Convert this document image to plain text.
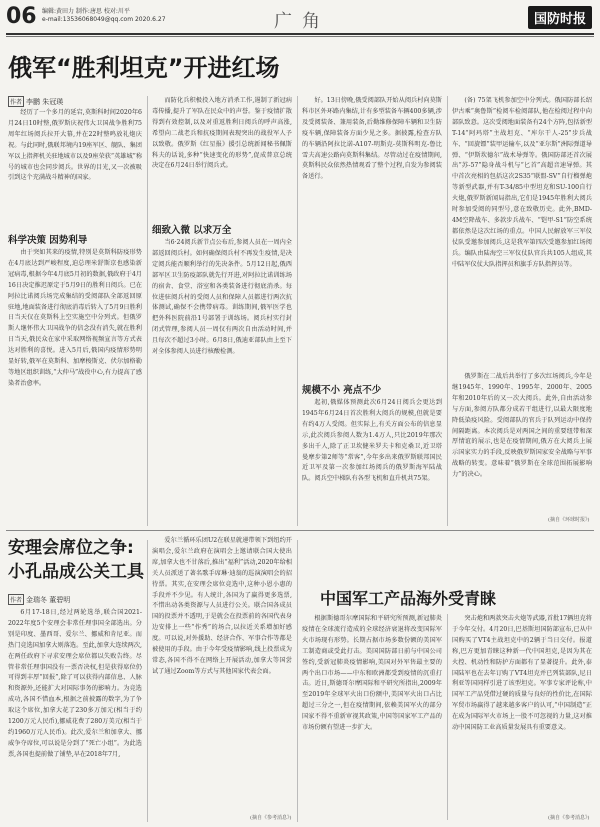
06 编辑:黄田力 制作:唐思 校对:川平
e-mail:13536068049@qq.com 2020.6.27	广角	国防时报
俄军“胜利坦克”开进红场
作者 李鹏 朱冠瑛

经历了一个多月的延宕,莫斯科时间2020年6月24日10时整,俄罗斯庆祝伟大卫国战争胜利75周年红场阅兵拉开大幕,并在22时整鸣放礼炮庆祝。与此同时,俄联邦境内19座军区、舰队、集团军以上指挥机关驻地城市以及9座荣获“英雄城”称号的城市也会同步阅兵。世界的目光,又一次被吸引到这个充满战斗精神的国家。

科学决策 因势利导

由于突如其来的疫情,特别是莫斯科防疫形势在4月底达到严峻程度,迫总理米舒斯京也感染新冠病毒,根据今年4月底5月初的数据,俄政府于4月16日决定推迟原定于5月9日的胜利日阅兵。已在阿拉比诺阅兵场完成集结的受阅部队全部返回原驻地,地面装备进行彻底消毒后转入了5月9日胜利日当天仅在莫斯科上空实施空中分列式。但俄罗斯人继怀伟大卫国战争的信念没有消失,就在胜利日当天,俄民众在家中采取网络视频宣言等方式表达对胜利的喜悦。进入5月后,俄国内疫情形势明显好转,俄军在莫斯科、加摩梭斯克、伏尔加格勒等地区组织训练,“大仲马”战役中心,有力提高了感染者治愈率。

而防化兵积极投入地方消杀工作,遏制了新冠病毒传播,提升了军队在民众中的声誉。鉴于疫情扩散得到有效控制,以及对重返胜利日阅兵的呼声高涨,希望向二战老兵和抗疫期间表现突出的战役军人予以致敬。俄罗斯《红星报》援引总统新闻秘书佩斯科夫的话说,多种“快速变化的形势”,促成普京总统决定在6月24日举行阅兵式。

细致入微 以求万全

当6·24阅兵新节点公布后,参阅人员在一周内全部返回阅兵村。如何确保阅兵村不再发生疫情,是决定阅兵能否顺利举行的先决条件。5月12日起,俄西部军区卫生防疫部队就先行开进,对阿拉比诺训练场的宿舍、食堂、浴室和各类装备进行彻底消杀。每位进驻阅兵村的受阅人员和保障人员都进行两次抗体测试,确保不会携带病毒。训练期间,俄军医学也把外科医院前沿1号部署于训练场。阅兵村实行封闭式管理,参阅人员一周仅有两次自由活动时间,并且每次不超过3小时。6月8日,俄迪亚部队由上至下对全体参阅人员进行核酸检测。

好。13日傍晚,俄受阅部队开始从阅兵村向莫斯科市区外环路内集结,计有多型装备车辆400多辆,涉及受阅装备、兼用装备,后勤维修保障车辆和卫生防疫车辆,保障装备方面少见之多。据披露,检查方队的车辆沿阿拉比诺-A107-明斯克-莫斯科明克-鲁比雪夫高速公路向莫斯科集结。尽管动过在疫情期间,莫斯科民众依然热情观看了整个过程,自发为参阅装备送行。

规模不小 亮点不少

起初,俄媒体预测此次6月24日阅兵会更达到1945年6月24日首次胜利大阅兵的规模,但就是要有约4万人受阅。但实际上,有关方面公布的信息显示,此次阅兵参阅人数为1.4万人,只比2019年那次多出千人,除了正卫坎健米罗夫卡和克桑卫,近卫塔曼摩步第2师等“常客”,今年多出来俄罗斯联邦国民近卫军及第一次参加红场阅兵的俄罗斯海军陆战队。阅兵空中梯队有各型飞机和直升机共75架。

(备) 75架飞机参加空中分列式。俄国防部长绍伊古乘“奥鲁斯”检阅车检阅部队,他在检阅过程中向部队致意。这次受阅地面装备有24个方阵,包括新型T-14“阿玛塔”主战坦克、“库尔干人-25”步兵战车、“回旋镖”装甲运输车,以及“亚尔斯”洲际弹道导弹、“伊斯坎德尔”战术导弹等。俄国防部还首次展出“苏-57”隐身战斗机与“匕首”高超音速导弹。其中首次亮相的包括这次2S35“联盟-SV”自行榴弹炮等新型武器,并有T-34/85中型坦克和SU-100自行火炮,俄罗斯新闻局指出,它们是1945年胜利大阅兵时参加受阅的同型号,意在致敬历史。此外,BMD-4M空降战车、多款步兵战车、“铠甲-S1”防空系统都依然是这次红场的重点。中国人民解放军三军仪仗队受邀参加阅兵,这是我军第四次受邀参加红场阅兵。编队由陆海空三军仪仗队官兵共105人组成,其中陆军仪仗大队指挥员和旗手方队指挥员等。

俄罗斯在二战后共举行了多次红场阅兵,今年是继1945年、1990年、1995年、2000年、2005年和2010年后的又一次大阅兵。此外,自由活动参与方面,参阅方队都分成若干组进行,以最大限度地降低染疫风险。受阅部队的官兵于队列运动中保持间隔距离。本次阅兵是对两国之间的重要纽带和深厚情谊的展示,也是在疫情期间,俄方在大阅兵上展示国家实力的手段,反映俄罗斯国家安全战略与军事战略的转变。意味着“俄罗斯在全球范围拓展影响力”的决心。

(摘自《环球时报》)
安理会席位之争:
小孔品成公关工具
作者 金瑞冬 董碧明

6月17-18日,经过两轮选举,联合国2021-2022年度5个安理会非常任理事国全部选出。分别是印度、墨西哥、爱尔兰、挪威和肯尼亚。而热门竞选国加拿大则落选。至此,加拿大连续两次,在两任政府下寻求安理会席位都以失败告终。尽管非常任理事国没有一票否决权,但是获得席位仍可得到丰厚“回报”,除了可以获得内部信息、人脉和资源外,还能扩大对国际事务的影响力。为竞选成功,各国不惜血本,根据之前披露的数字,为了争取这个席位,加拿大花了230多万加元(相当于约1200万元人民币),挪威花费了280万美元(相当于约1960万元人民币)。此次,爱尔兰和加拿大、挪威争夺席位,可以说是分到了“死亡小组”。为此选票,各国也提前做了铺垫,早在2018年7月,

爱尔兰循环乐团U2在联星就递带领下到纽约开演唱会,爱尔兰政府在演唱会上邀请联合国大使出席,加拿大也不甘落后,推出“福利”活动,2020年给相关人员派送了著名歌手席琳·迪翁的巡演演唱会的招待票。其实,在安理会席位竞选中,这种小恩小惠的手段并不少见。有人统计,各国为了赢得更多选票,不惜出动各类资源与人员进行公关。联合国各成员国的投票并不透明,于是就会在投票前的各国代表身边安排上一些“作秀”的场合,以拉近关系增加好感度。可以说,对外援助、经济合作、军事合作等都是被使用的手段。由于今年受疫情影响,线上投票成为常态,各国不得不在网络上开展活动,加拿大等国尝试了通过Zoom等方式与其他国家代表会面。

(摘自《参考消息》)
中国军工产品海外受青睐

根据斯德哥尔摩国际和平研究所预测,新冠肺炎疫情在全球流行造成的全球经济衰退将改变国际军火市场现有形势。长期占据市场多数份额的美国军工制造商或受此打击。美国国防部日前与中国公司签约,受新冠肺炎疫情影响,美国对外军售最主要的两个出口市场——中东和欧洲都受到疫情的沉重打击。近日,斯德哥尔摩国际和平研究所指出,2009年至2019年全球军火出口份额中,美国军火出口占比超过三分之一,但在疫情期间,依赖美国军火的部分国家不得不重新审视其政策,中国等国家军工产品的市场份额有望进一步扩大。

突击炮和两款突击火炮等武器,首批17辆坦克将于今年交付。4月20日,巴基斯坦国防部宣布,已从中国购买了VT4主战坦克中的2辆于当日交付。报道称,巴方更加青睐这种新一代中国坦克,是因为其在火控、机动性和防护方面都有了显著提升。此外,泰国陆军也在去年订购了VT4坦克并已列装部队,尼日利亚等国同样引进了该型坦克。军事专家评论称,中国军工产品凭借过硬的质量与良好的性价比,在国际军贸市场赢得了越来越多客户的认可,“中国制造”正在成为国际军火市场上一股不可忽视的力量,这对推动中国国防工业高质量发展具有重要意义。

(摘自《参考消息》)
